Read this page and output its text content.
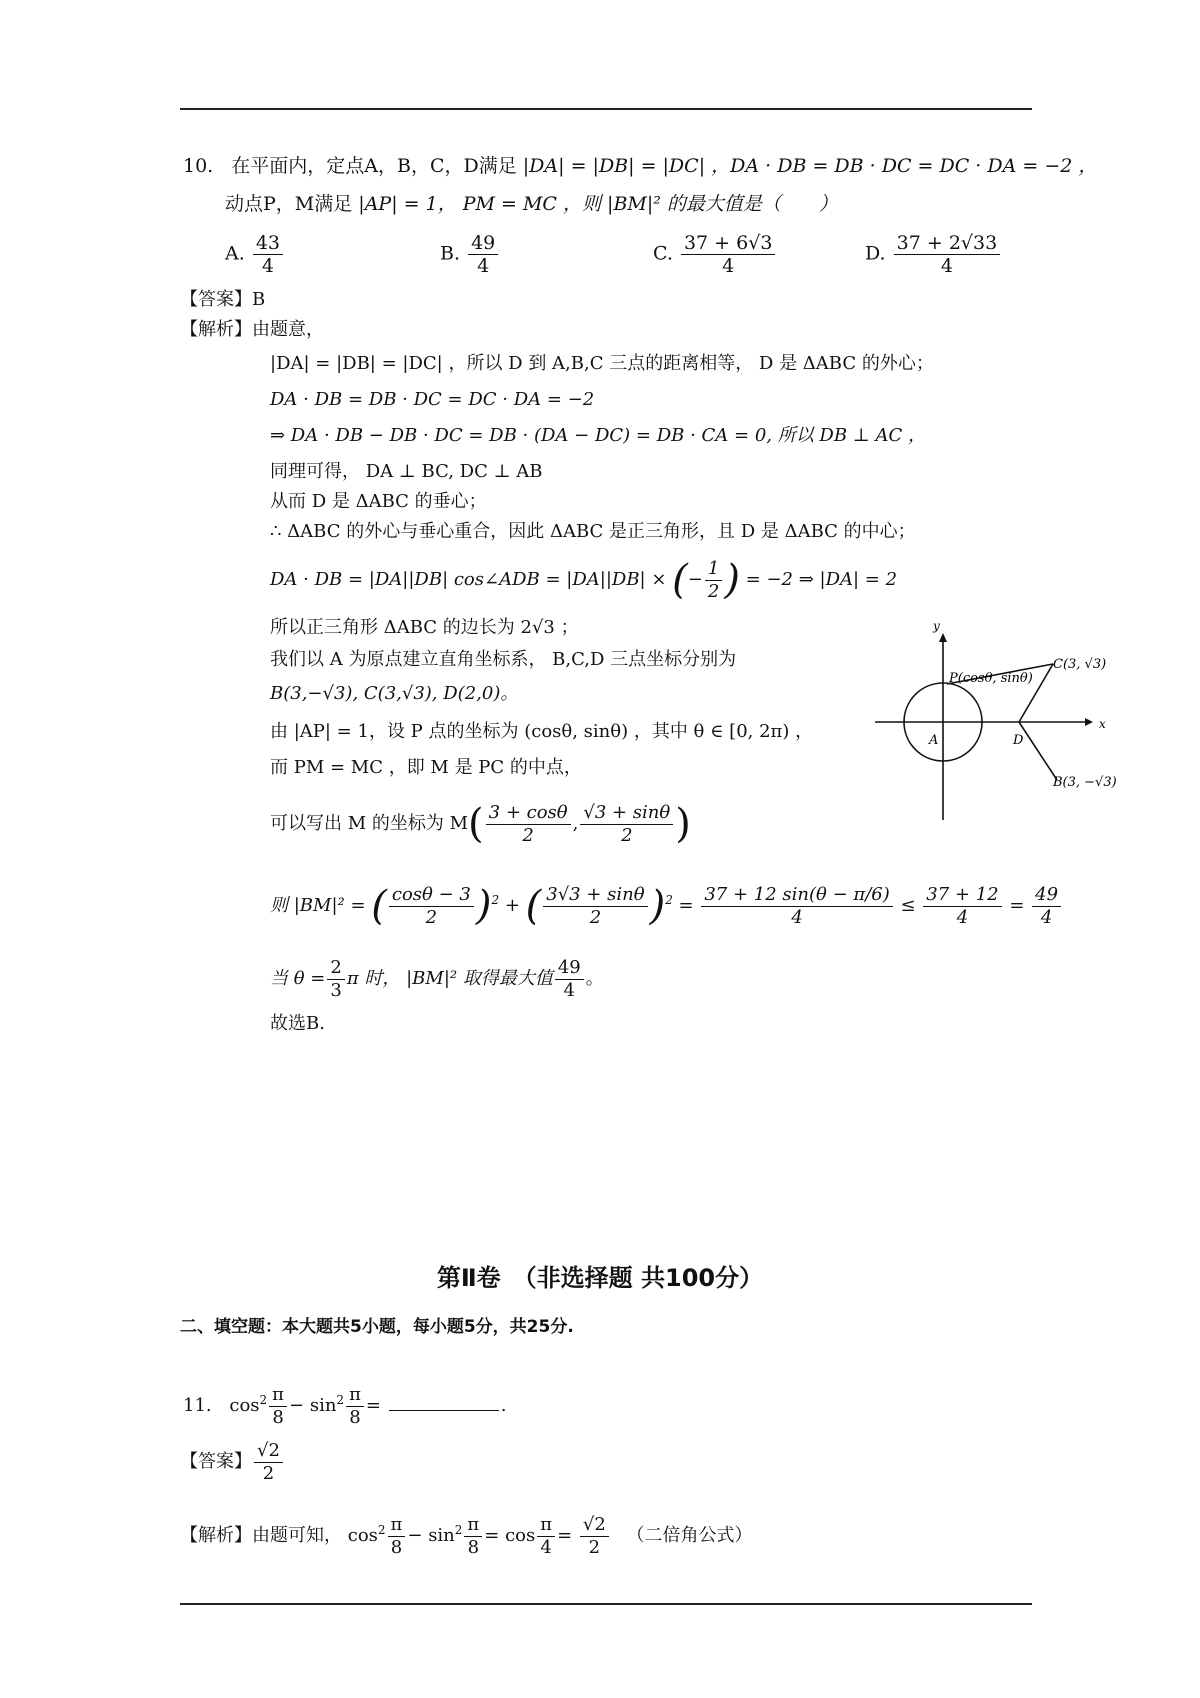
10. 在平面内，定点A，B，C，D满足 |DA| = |DB| = |DC| ，DA · DB = DB · DC = DC · DA = −2 ，
动点P，M满足 |AP| = 1， PM = MC ，则 |BM|² 的最大值是（　　）
A. $\frac{43}{4}$	B. $\frac{49}{4}$	C. $\frac{37 + 6√3}{4}$	D. $\frac{37 + 2√33}{4}$
【答案】B
【解析】由题意，
|DA| = |DB| = |DC| ，所以 D 到 A,B,C 三点的距离相等， D 是 ΔABC 的外心；
DA · DB = DB · DC = DC · DA = −2
⇒ DA · DB − DB · DC = DB · (DA − DC) = DB · CA = 0, 所以 DB ⊥ AC ，
同理可得， DA ⊥ BC, DC ⊥ AB
从而 D 是 ΔABC 的垂心；
∴ ΔABC 的外心与垂心重合，因此 ΔABC 是正三角形，且 D 是 ΔABC 的中心；
DA · DB = |DA||DB| cos∠ADB = |DA||DB| × (− $\frac{1}{2}$ ) = −2 ⇒ |DA| = 2
所以正三角形 ΔABC 的边长为 2√3 ；
我们以 A 为原点建立直角坐标系， B,C,D 三点坐标分别为
B(3,−√3), C(3,√3), D(2,0)。
由 |AP| = 1，设 P 点的坐标为 (cosθ, sinθ) ，其中 θ ∈ [0, 2π) ，
而 PM = MC ，即 M 是 PC 的中点，
可以写出 M 的坐标为 $M( \frac{3 + \cos\theta}{2}$ , $\frac{√3 + \sin\theta}{2}$ )
则 |BM|² = ( $\frac{\cos\theta - 3}{2} )^2$ + ( $\frac{3√3 + \sin\theta}{2} )^2 = \frac{37 + 12 \sin(\theta - \pi/6)}{4} \le \frac{37 + 12}{4} = \frac{49}{4}$
当 $\theta = \frac{2}{3}$ π 时， |BM|² 取得最大值 $\frac{49}{4}$ 。
故选B.
y
x
P(cosθ, sinθ)
C(3, √3)
B(3, −√3)
A	D
第Ⅱ卷　（非选择题 共100分）
二、填空题：本大题共5小题，每小题5分，共25分.
11. $\cos^2 \frac{\pi}{8} - \sin^2 \frac{\pi}{8}$ =	.
【答案】 $\frac{√2}{2}$
【解析】由题可知， $\cos^2 \frac{\pi}{8} - \sin^2 \frac{\pi}{8} = \cos \frac{\pi}{4} = \frac{√2}{2}$ （二倍角公式）
